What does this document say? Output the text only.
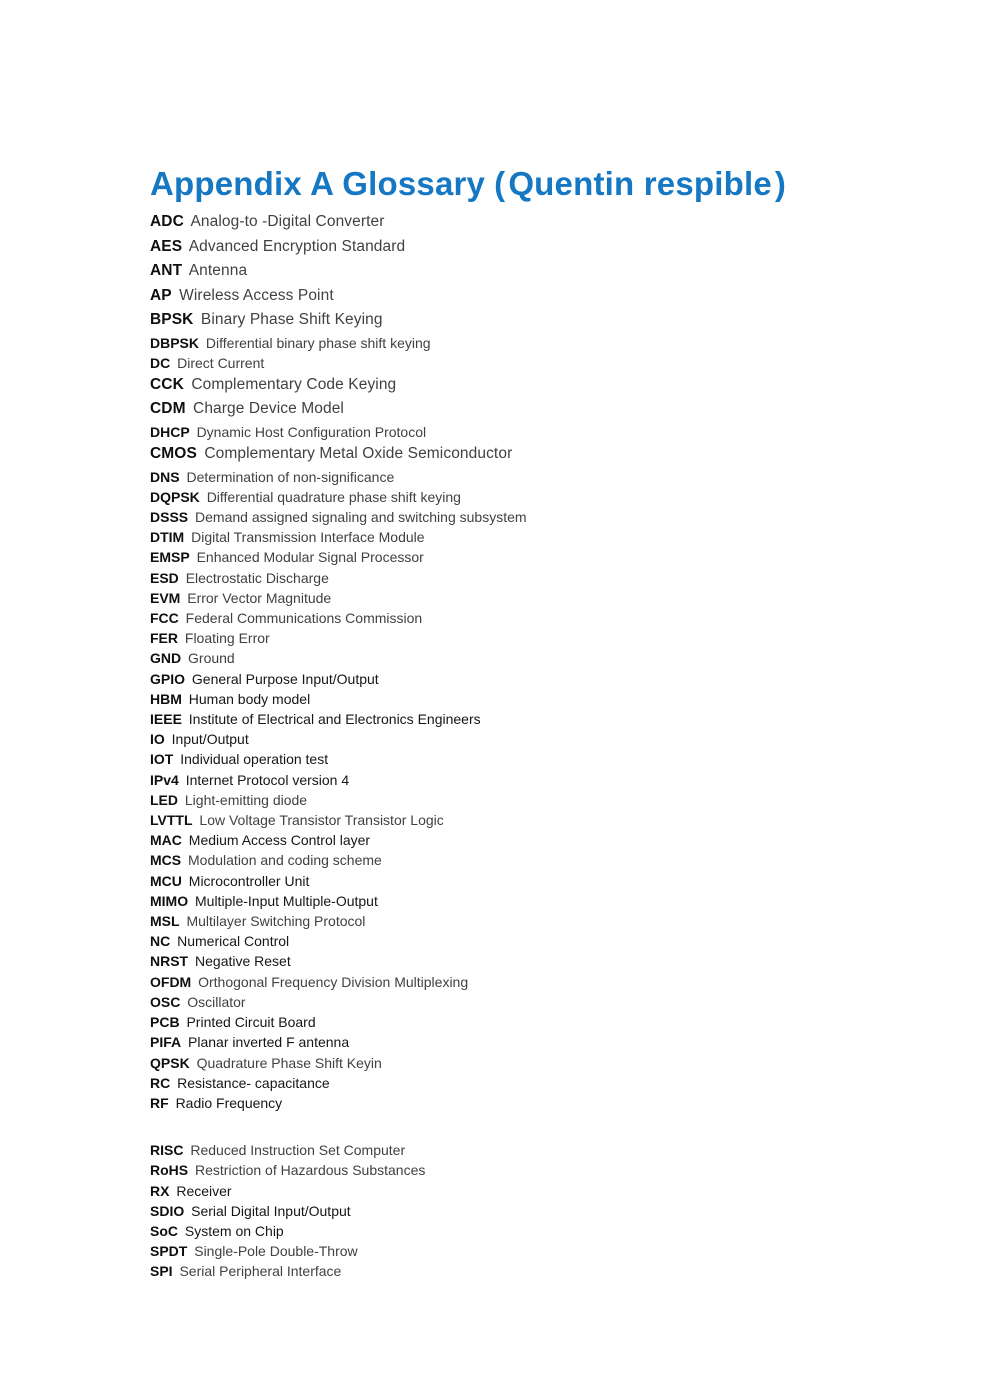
Appendix A Glossary (Quentin respible)
ADC Analog-to -Digital Converter
AES Advanced Encryption Standard
ANT Antenna
AP Wireless Access Point
BPSK Binary Phase Shift Keying
DBPSK Differential binary phase shift keying
DC Direct Current
CCK Complementary Code Keying
CDM Charge Device Model
DHCP Dynamic Host Configuration Protocol
CMOS Complementary Metal Oxide Semiconductor
DNS Determination of non-significance
DQPSK Differential quadrature phase shift keying
DSSS Demand assigned signaling and switching subsystem
DTIM Digital Transmission Interface Module
EMSP Enhanced Modular Signal Processor
ESD Electrostatic Discharge
EVM Error Vector Magnitude
FCC Federal Communications Commission
FER Floating Error
GND Ground
GPIO General Purpose Input/Output
HBM Human body model
IEEE Institute of Electrical and Electronics Engineers
IO Input/Output
IOT Individual operation test
IPv4 Internet Protocol version 4
LED Light-emitting diode
LVTTL Low Voltage Transistor Transistor Logic
MAC Medium Access Control layer
MCS Modulation and coding scheme
MCU Microcontroller Unit
MIMO Multiple-Input Multiple-Output
MSL Multilayer Switching Protocol
NC Numerical Control
NRST Negative Reset
OFDM Orthogonal Frequency Division Multiplexing
OSC Oscillator
PCB Printed Circuit Board
PIFA Planar inverted F antenna
QPSK Quadrature Phase Shift Keyin
RC Resistance- capacitance
RF Radio Frequency
RISC Reduced Instruction Set Computer
RoHS Restriction of Hazardous Substances
RX Receiver
SDIO Serial Digital Input/Output
SoC System on Chip
SPDT Single-Pole Double-Throw
SPI Serial Peripheral Interface
